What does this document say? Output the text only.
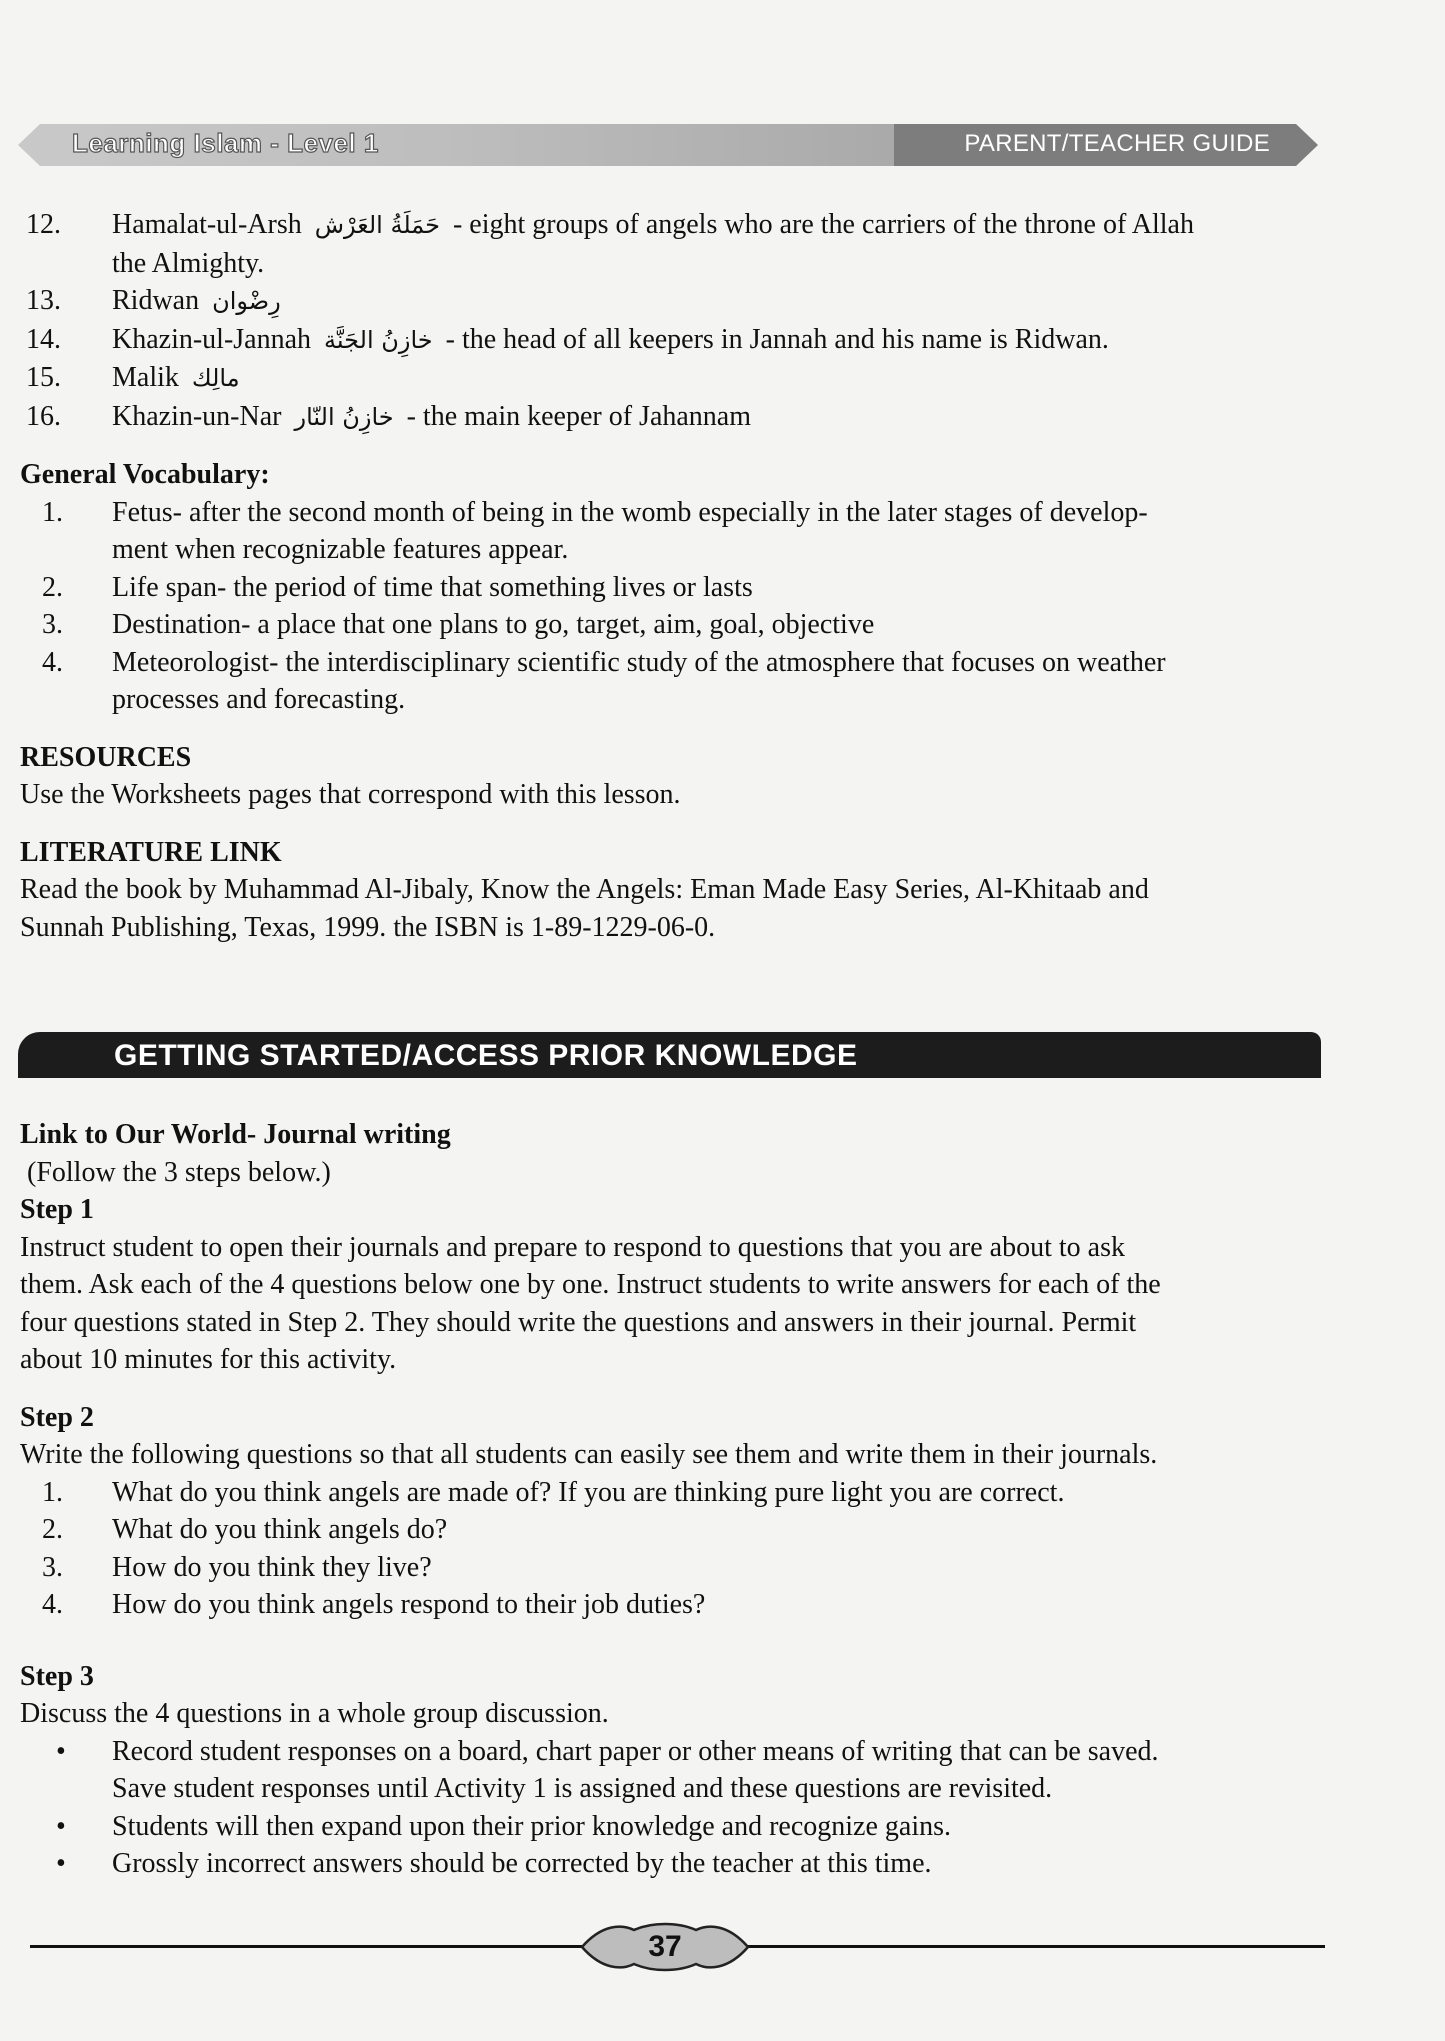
Learning Islam - Level 1	PARENT/TEACHER GUIDE
12.	Hamalat-ul-Arsh حَمَلَةُ العَرْش - eight groups of angels who are the carriers of the throne of Allah
the Almighty.
13.	Ridwan رِضْوان
14.	Khazin-ul-Jannah خازِنُ الجَنَّة - the head of all keepers in Jannah and his name is Ridwan.
15.	Malik مالِك
16.	Khazin-un-Nar خازِنُ النّار - the main keeper of Jahannam
General Vocabulary:
1.	Fetus- after the second month of being in the womb especially in the later stages of develop-
ment when recognizable features appear.
2.	Life span- the period of time that something lives or lasts
3.	Destination- a place that one plans to go, target, aim, goal, objective
4.	Meteorologist- the interdisciplinary scientific study of the atmosphere that focuses on weather
processes and forecasting.
RESOURCES
Use the Worksheets pages that correspond with this lesson.
LITERATURE LINK
Read the book by Muhammad Al-Jibaly, Know the Angels: Eman Made Easy Series, Al-Khitaab and
Sunnah Publishing, Texas, 1999. the ISBN is 1-89-1229-06-0.
GETTING STARTED/ACCESS PRIOR KNOWLEDGE
Link to Our World- Journal writing
(Follow the 3 steps below.)
Step 1
Instruct student to open their journals and prepare to respond to questions that you are about to ask
them. Ask each of the 4 questions below one by one. Instruct students to write answers for each of the
four questions stated in Step 2. They should write the questions and answers in their journal. Permit
about 10 minutes for this activity.
Step 2
Write the following questions so that all students can easily see them and write them in their journals.
1.	What do you think angels are made of? If you are thinking pure light you are correct.
2.	What do you think angels do?
3.	How do you think they live?
4.	How do you think angels respond to their job duties?
Step 3
Discuss the 4 questions in a whole group discussion.
•	Record student responses on a board, chart paper or other means of writing that can be saved.
Save student responses until Activity 1 is assigned and these questions are revisited.
•	Students will then expand upon their prior knowledge and recognize gains.
•	Grossly incorrect answers should be corrected by the teacher at this time.
37
